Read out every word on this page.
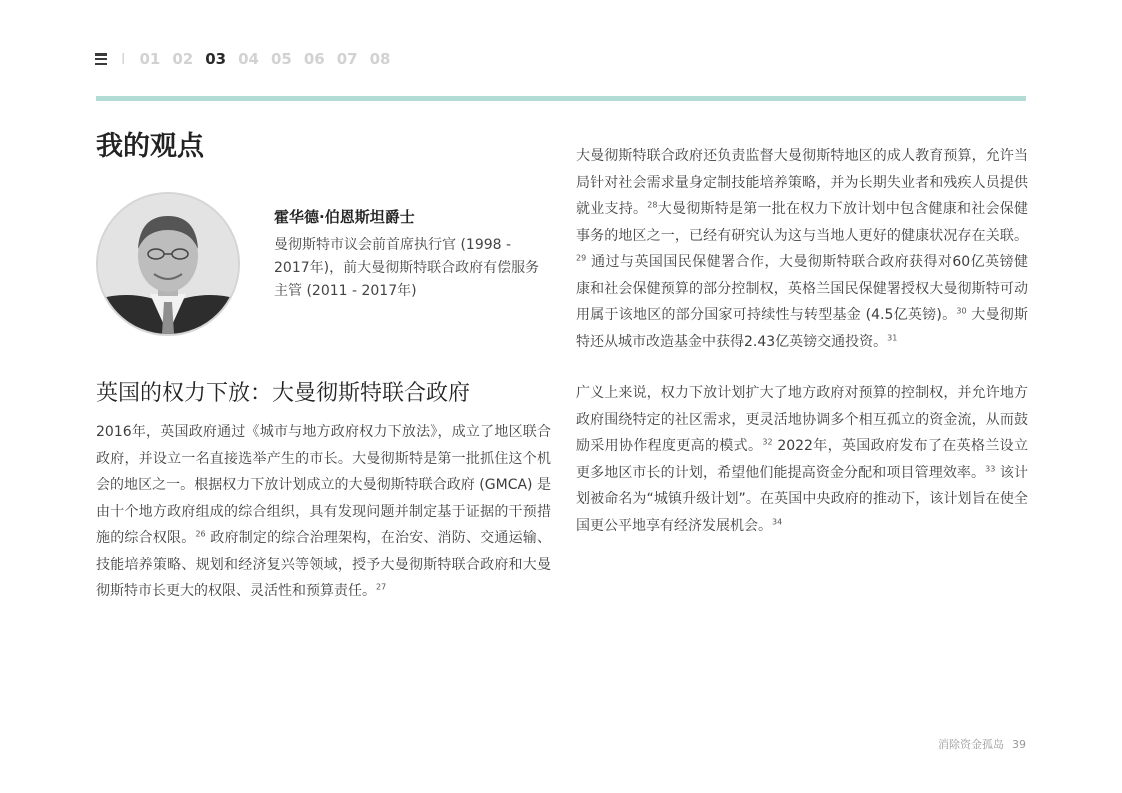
I 01 02 03 04 05 06 07 08
我的观点
霍华德·伯恩斯坦爵士
曼彻斯特市议会前首席执行官 (1998 - 2017年)，前大曼彻斯特联合政府有偿服务主管 (2011 - 2017年)
英国的权力下放：大曼彻斯特联合政府

2016年，英国政府通过《城市与地方政府权力下放法》，成立了地区联合政府，并设立一名直接选举产生的市长。大曼彻斯特是第一批抓住这个机会的地区之一。根据权力下放计划成立的大曼彻斯特联合政府 (GMCA) 是由十个地方政府组成的综合组织，具有发现问题并制定基于证据的干预措施的综合权限。$^{26}$ 政府制定的综合治理架构，在治安、消防、交通运输、技能培养策略、规划和经济复兴等领域，授予大曼彻斯特联合政府和大曼彻斯特市长更大的权限、灵活性和预算责任。$^{27}$

大曼彻斯特联合政府还负责监督大曼彻斯特地区的成人教育预算，允许当局针对社会需求量身定制技能培养策略，并为长期失业者和残疾人员提供就业支持。$^{28}$大曼彻斯特是第一批在权力下放计划中包含健康和社会保健事务的地区之一，已经有研究认为这与当地人更好的健康状况存在关联。$^{29}$ 通过与英国国民保健署合作，大曼彻斯特联合政府获得对60亿英镑健康和社会保健预算的部分控制权，英格兰国民保健署授权大曼彻斯特可动用属于该地区的部分国家可持续性与转型基金 (4.5亿英镑)。$^{30}$ 大曼彻斯特还从城市改造基金中获得2.43亿英镑交通投资。$^{31}$

广义上来说，权力下放计划扩大了地方政府对预算的控制权，并允许地方政府围绕特定的社区需求，更灵活地协调多个相互孤立的资金流，从而鼓励采用协作程度更高的模式。$^{32}$ 2022年，英国政府发布了在英格兰设立更多地区市长的计划，希望他们能提高资金分配和项目管理效率。$^{33}$ 该计划被命名为“城镇升级计划”。在英国中央政府的推动下，该计划旨在使全国更公平地享有经济发展机会。$^{34}$

消除资金孤岛 39
